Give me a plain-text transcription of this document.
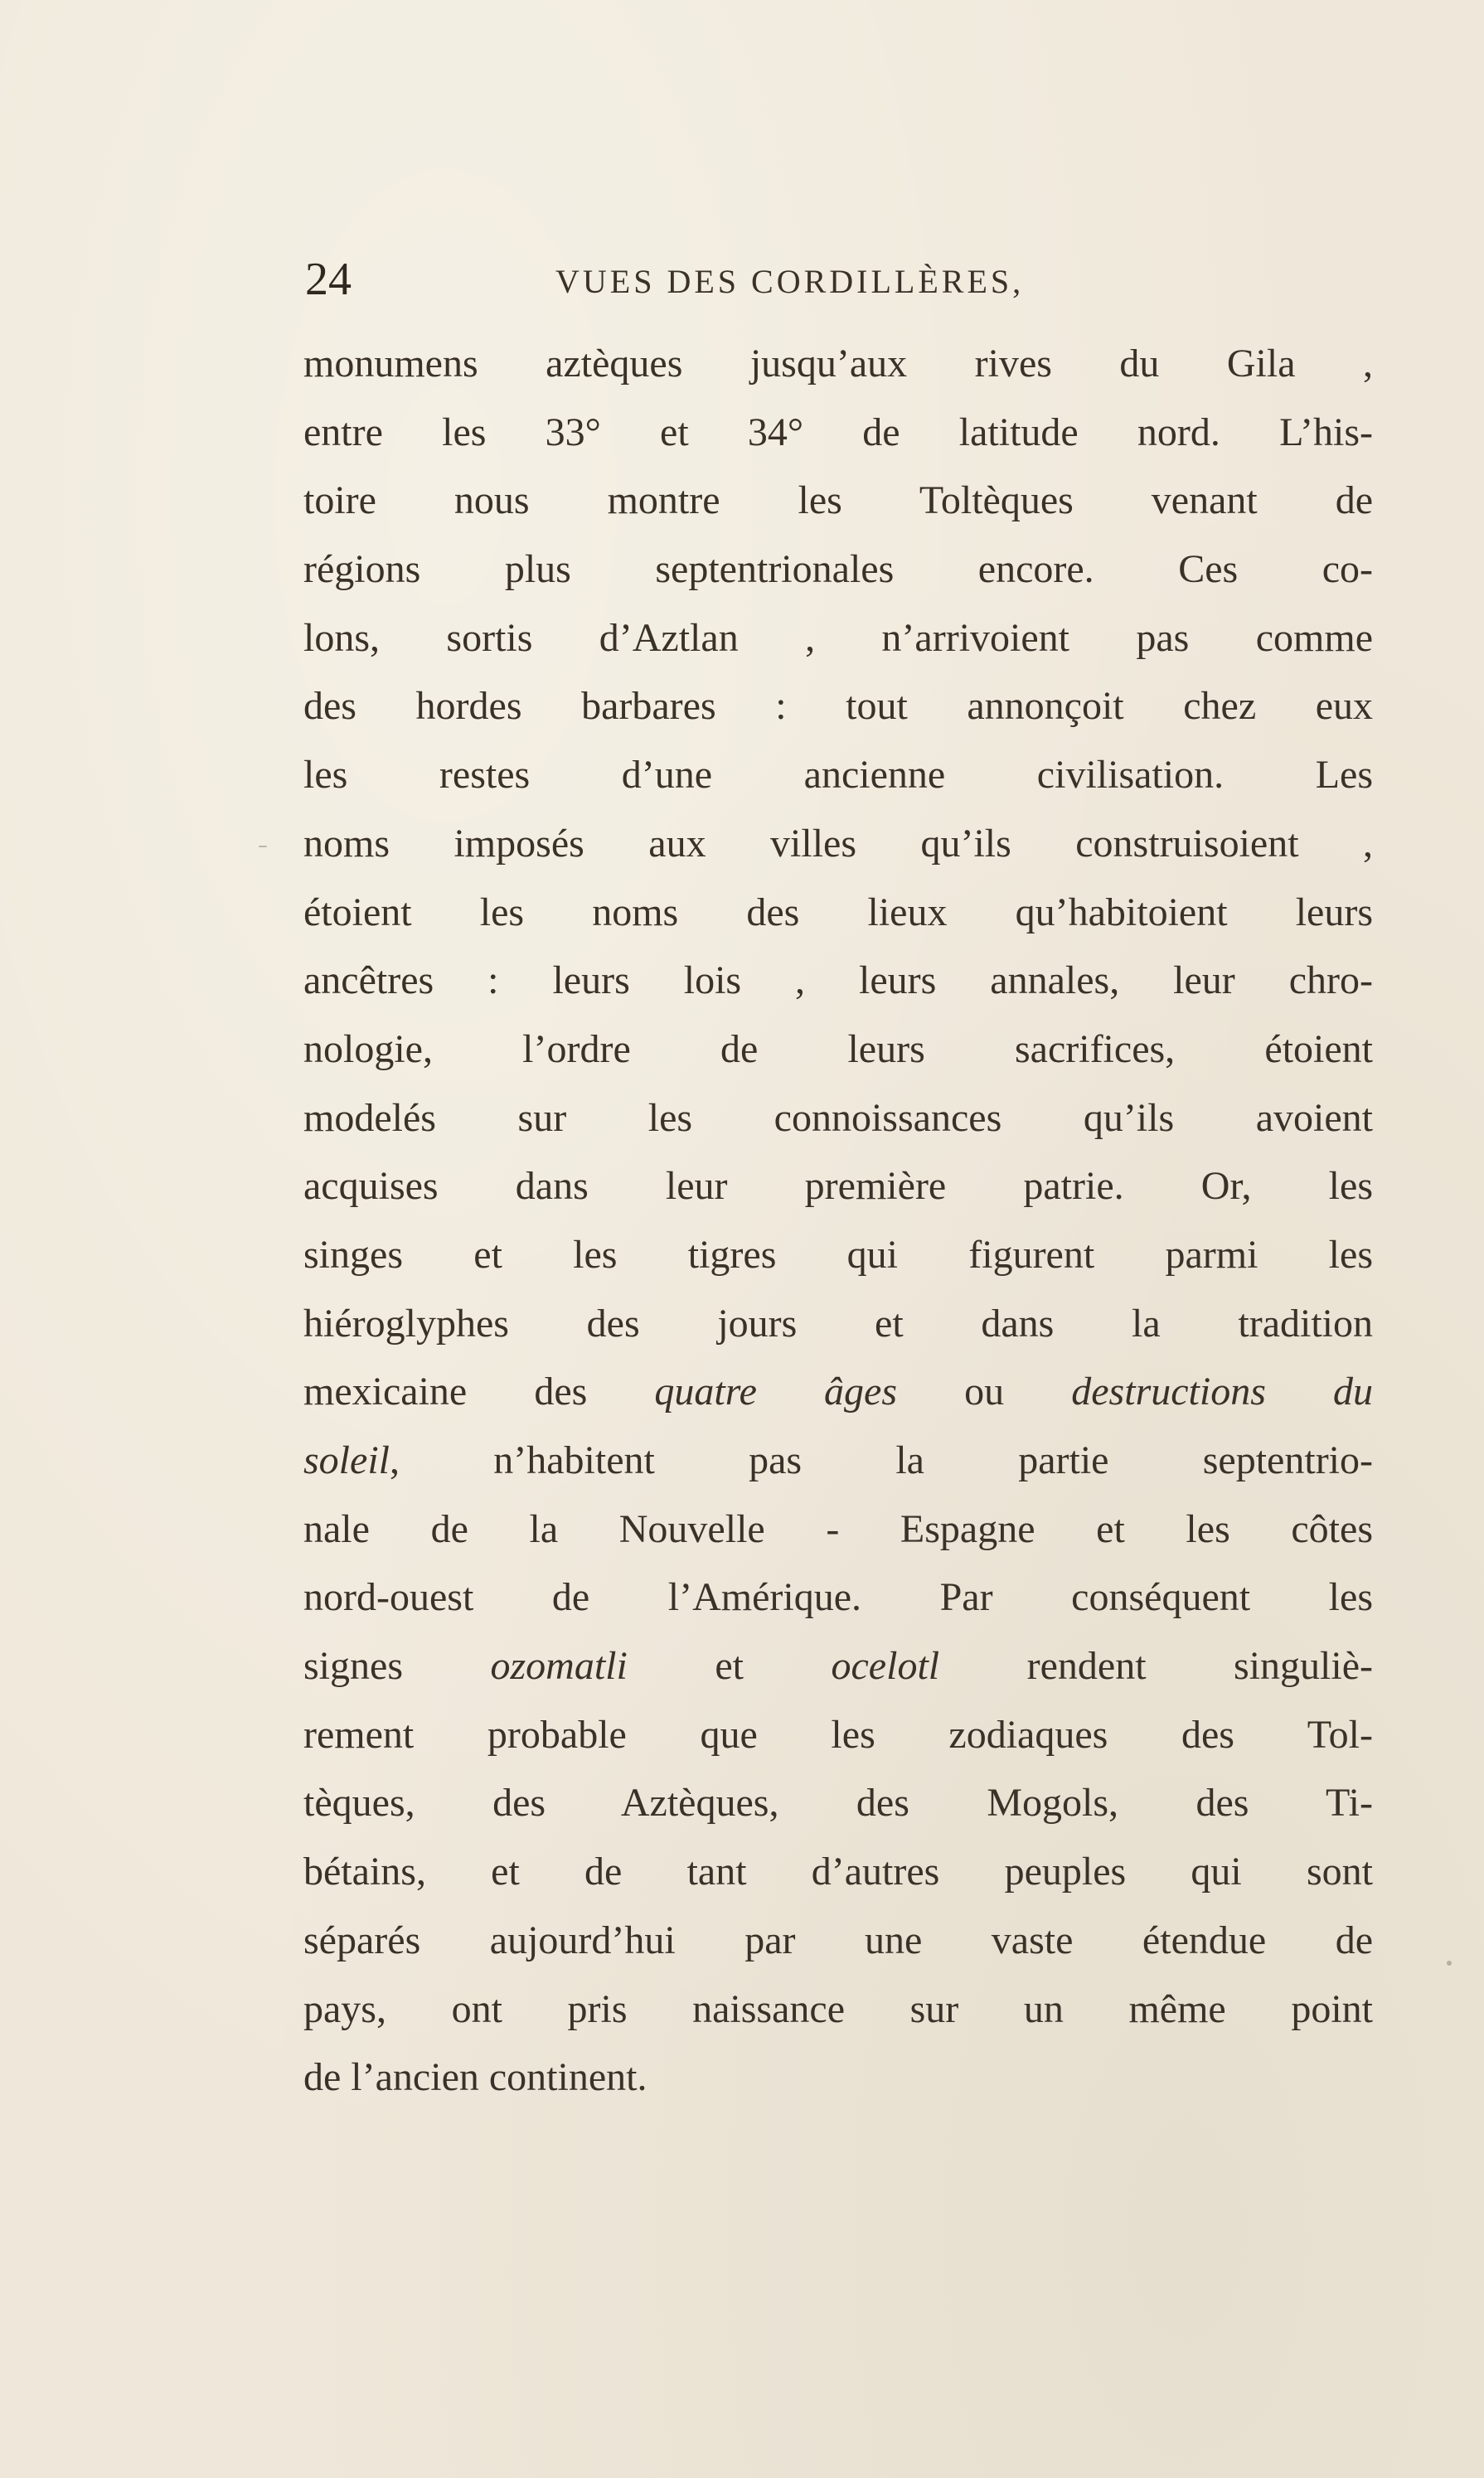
24	VUES DES CORDILLÈRES,
monumens aztèques jusqu’aux rives du Gila ,
entre les 33° et 34° de latitude nord. L’his-
toire nous montre les Toltèques venant de
régions plus septentrionales encore. Ces co-
lons, sortis d’Aztlan , n’arrivoient pas comme
des hordes barbares : tout annonçoit chez eux
les restes d’une ancienne civilisation. Les
noms imposés aux villes qu’ils construisoient ,
étoient les noms des lieux qu’habitoient leurs
ancêtres : leurs lois , leurs annales, leur chro-
nologie, l’ordre de leurs sacrifices, étoient
modelés sur les connoissances qu’ils avoient
acquises dans leur première patrie. Or, les
singes et les tigres qui figurent parmi les
hiéroglyphes des jours et dans la tradition
mexicaine des quatre âges ou destructions du
soleil, n’habitent pas la partie septentrio-
nale de la Nouvelle - Espagne et les côtes
nord-ouest de l’Amérique. Par conséquent les
signes ozomatli et ocelotl rendent singuliè-
rement probable que les zodiaques des Tol-
tèques, des Aztèques, des Mogols, des Ti-
bétains, et de tant d’autres peuples qui sont
séparés aujourd’hui par une vaste étendue de
pays, ont pris naissance sur un même point
de l’ancien continent.
